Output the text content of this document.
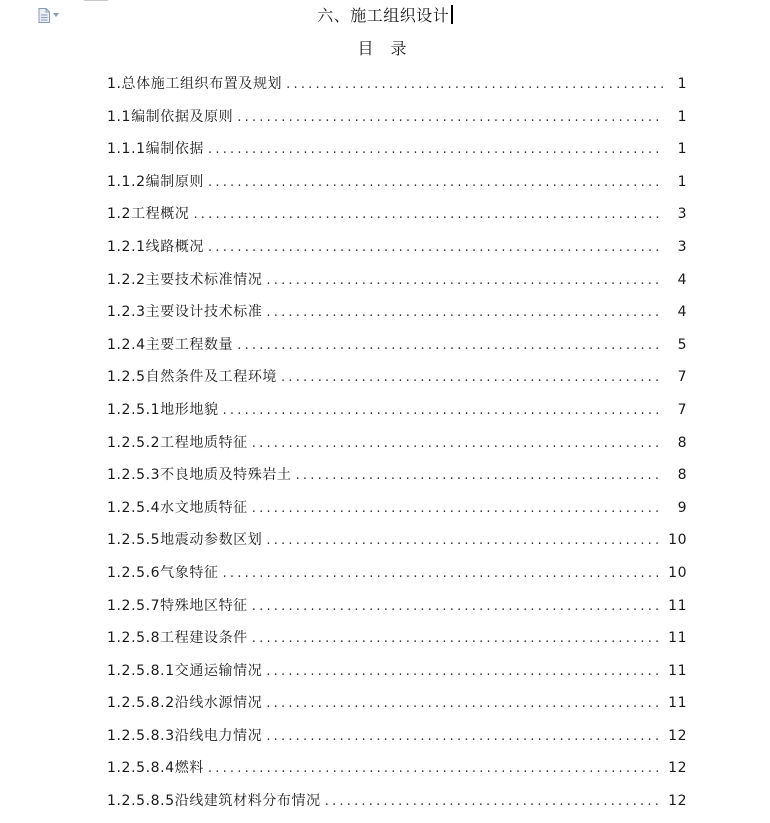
六、施工组织设计
目 录
1.总体施工组织布置及规划 .....	1
1.1编制依据及原则 .....	1
1.1.1编制依据 .....	1
1.1.2编制原则 .....	1
1.2工程概况 .....	3
1.2.1线路概况 .....	3
1.2.2主要技术标准情况 .....	4
1.2.3主要设计技术标准 .....	4
1.2.4主要工程数量 .....	5
1.2.5自然条件及工程环境 .....	7
1.2.5.1地形地貌 .....	7
1.2.5.2工程地质特征 .....	8
1.2.5.3不良地质及特殊岩土 .....	8
1.2.5.4水文地质特征 .....	9
1.2.5.5地震动参数区划 .....	10
1.2.5.6气象特征 .....	10
1.2.5.7特殊地区特征 .....	11
1.2.5.8工程建设条件 .....	11
1.2.5.8.1交通运输情况 .....	11
1.2.5.8.2沿线水源情况 .....	11
1.2.5.8.3沿线电力情况 .....	12
1.2.5.8.4燃料 .....	12
1.2.5.8.5沿线建筑材料分布情况 .....	12
